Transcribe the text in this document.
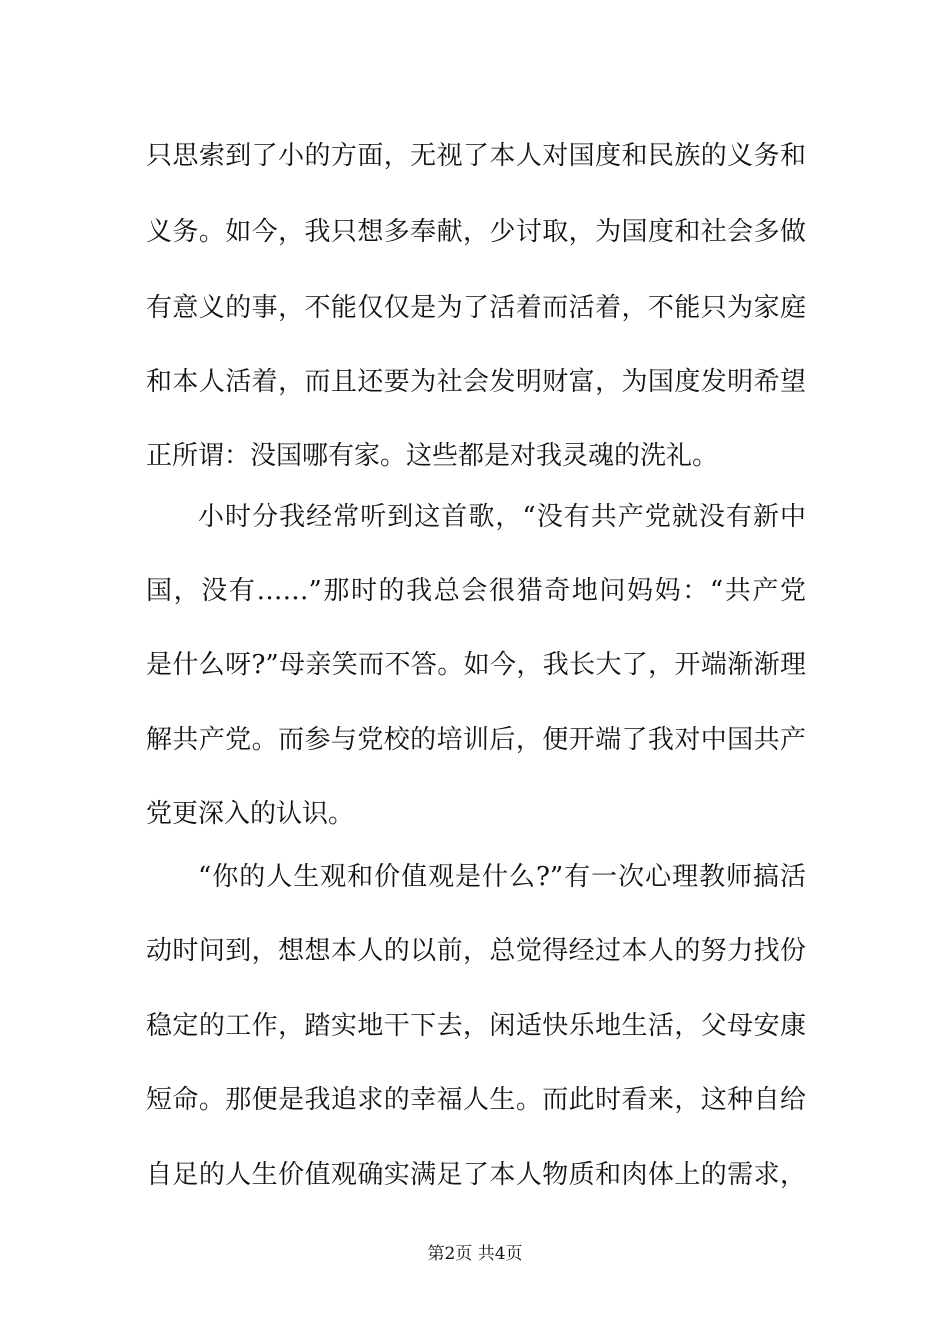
只思索到了小的方面，无视了本人对国度和民族的义务和
义务。如今，我只想多奉献，少讨取，为国度和社会多做
有意义的事，不能仅仅是为了活着而活着，不能只为家庭
和本人活着，而且还要为社会发明财富，为国度发明希望
正所谓：没国哪有家。这些都是对我灵魂的洗礼。
小时分我经常听到这首歌，“没有共产党就没有新中
国，没有……”那时的我总会很猎奇地问妈妈：“共产党
是什么呀?”母亲笑而不答。如今，我长大了，开端渐渐理
解共产党。而参与党校的培训后，便开端了我对中国共产
党更深入的认识。
“你的人生观和价值观是什么?”有一次心理教师搞活
动时问到，想想本人的以前，总觉得经过本人的努力找份
稳定的工作，踏实地干下去，闲适快乐地生活，父母安康
短命。那便是我追求的幸福人生。而此时看来，这种自给
自足的人生价值观确实满足了本人物质和肉体上的需求，
第2页 共4页
